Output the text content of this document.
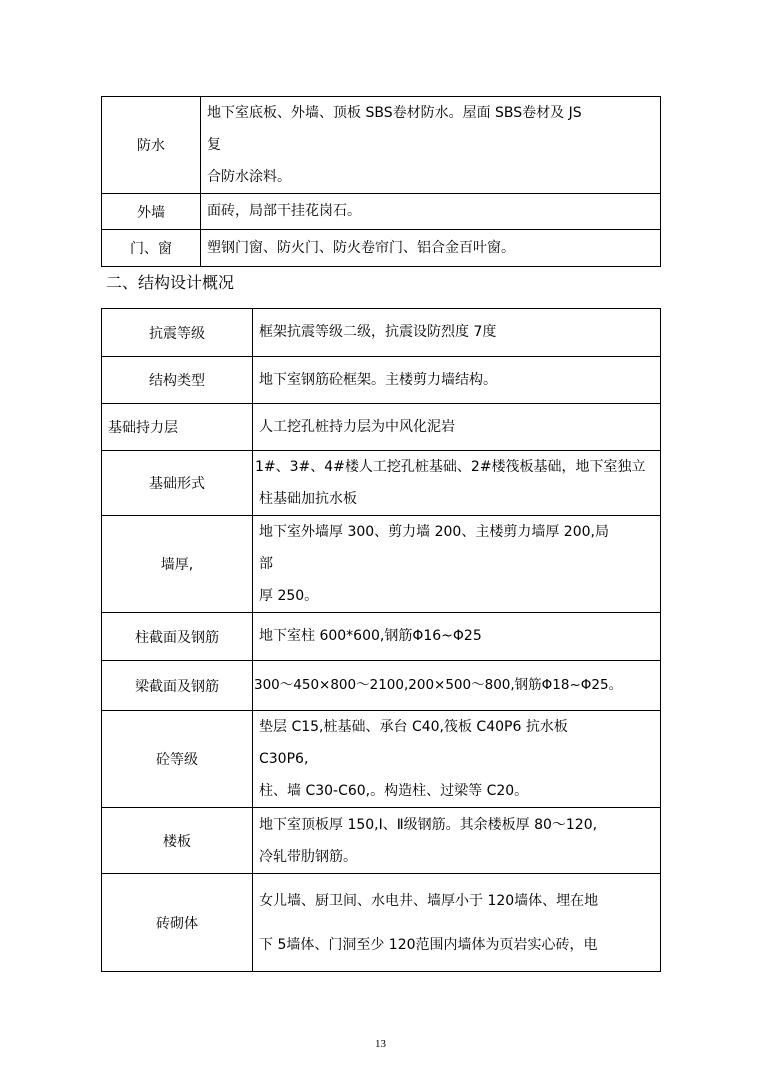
防水	地下室底板、外墙、顶板 SBS卷材防水。屋面 SBS卷材及 JS
复
合防水涂料。

外墙	面砖，局部干挂花岗石。

门、窗	塑钢门窗、防火门、防火卷帘门、铝合金百叶窗。
二、结构设计概况
抗震等级	框架抗震等级二级，抗震设防烈度 7度

结构类型	地下室钢筋砼框架。主楼剪力墙结构。

基础持力层	人工挖孔桩持力层为中风化泥岩

基础形式	1#、3#、4#楼人工挖孔桩基础、2#楼筏板基础，地下室独立
柱基础加抗水板

墙厚,	地下室外墙厚 300、剪力墙 200、主楼剪力墙厚 200,局
部
厚 250。

柱截面及钢筋	地下室柱 600*600,钢筋Φ16~Φ25

梁截面及钢筋	300～450×800～2100,200×500～800,钢筋Φ18~Φ25。

砼等级	垫层 C15,桩基础、承台 C40,筏板 C40P6 抗水板
C30P6,
柱、墙 C30-C60,。构造柱、过梁等 C20。

楼板	地下室顶板厚 150,Ⅰ、Ⅱ级钢筋。其余楼板厚 80～120,
冷轧带肋钢筋。

砖砌体	女儿墙、厨卫间、水电井、墙厚小于 120墙体、埋在地
下 5墙体、门洞至少 120范围内墙体为页岩实心砖，电
13
